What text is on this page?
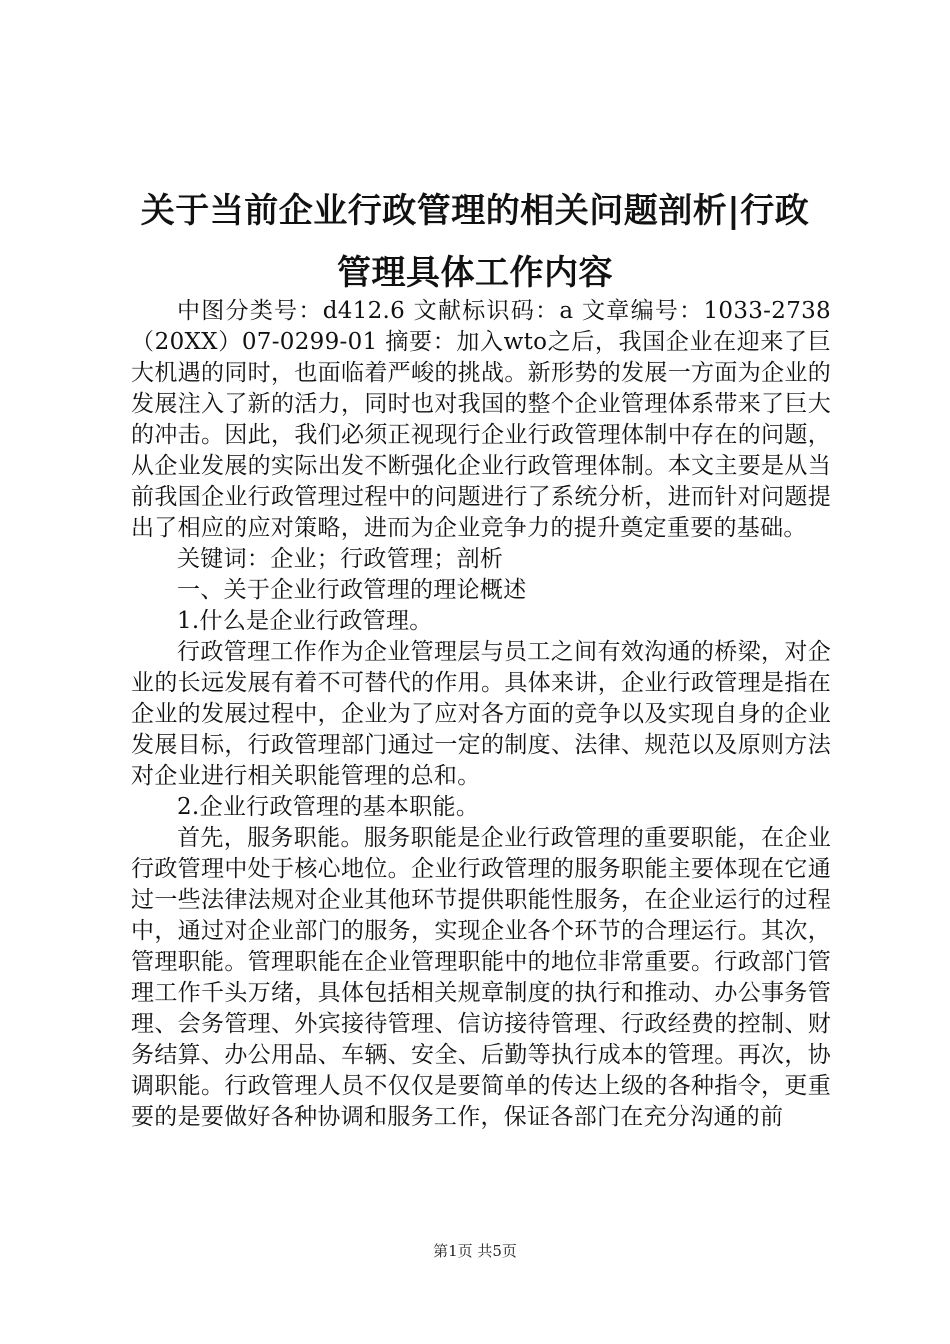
关于当前企业行政管理的相关问题剖析|行政管理具体工作内容

中图分类号：d412.6 文献标识码：a 文章编号：1033-2738（20XX）07-0299-01 摘要：加入wto之后，我国企业在迎来了巨大机遇的同时，也面临着严峻的挑战。新形势的发展一方面为企业的发展注入了新的活力，同时也对我国的整个企业管理体系带来了巨大的冲击。因此，我们必须正视现行企业行政管理体制中存在的问题，从企业发展的实际出发不断强化企业行政管理体制。本文主要是从当前我国企业行政管理过程中的问题进行了系统分析，进而针对问题提出了相应的应对策略，进而为企业竞争力的提升奠定重要的基础。

关键词：企业；行政管理；剖析

一、关于企业行政管理的理论概述

1.什么是企业行政管理。

行政管理工作作为企业管理层与员工之间有效沟通的桥梁，对企业的长远发展有着不可替代的作用。具体来讲，企业行政管理是指在企业的发展过程中，企业为了应对各方面的竞争以及实现自身的企业发展目标，行政管理部门通过一定的制度、法律、规范以及原则方法对企业进行相关职能管理的总和。

2.企业行政管理的基本职能。

首先，服务职能。服务职能是企业行政管理的重要职能，在企业行政管理中处于核心地位。企业行政管理的服务职能主要体现在它通过一些法律法规对企业其他环节提供职能性服务，在企业运行的过程中，通过对企业部门的服务，实现企业各个环节的合理运行。其次，管理职能。管理职能在企业管理职能中的地位非常重要。行政部门管理工作千头万绪，具体包括相关规章制度的执行和推动、办公事务管理、会务管理、外宾接待管理、信访接待管理、行政经费的控制、财务结算、办公用品、车辆、安全、后勤等执行成本的管理。再次，协调职能。行政管理人员不仅仅是要简单的传达上级的各种指令，更重要的是要做好各种协调和服务工作，保证各部门在充分沟通的前

第1页 共5页
